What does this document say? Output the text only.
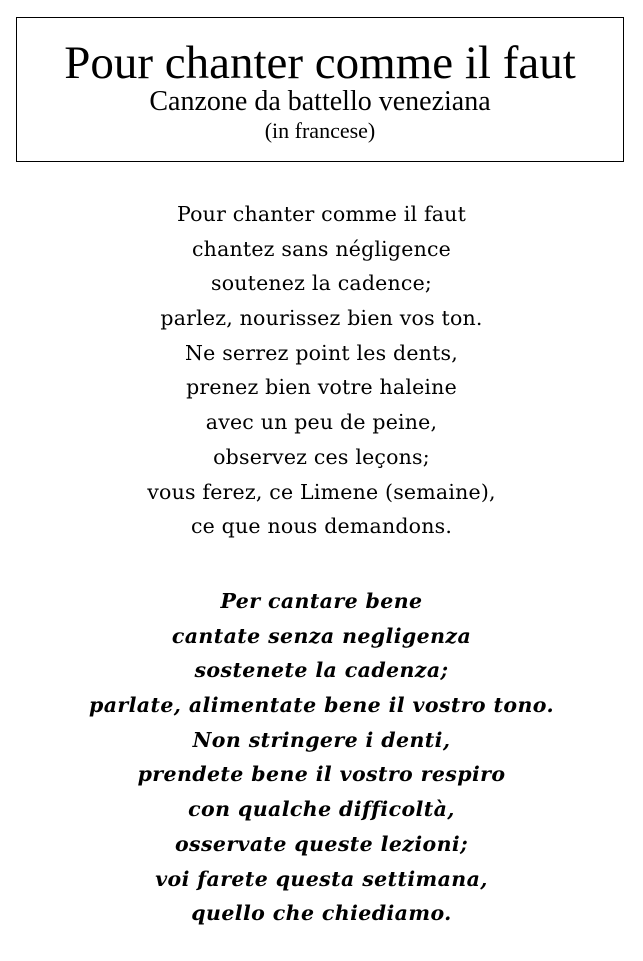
Pour chanter comme il faut
Canzone da battello veneziana
(in francese)
Pour chanter comme il faut
chantez sans négligence
soutenez la cadence;
parlez, nourissez bien vos ton.
Ne serrez point les dents,
prenez bien votre haleine
avec un peu de peine,
observez ces leçons;
vous ferez, ce Limene (semaine),
ce que nous demandons.
Per cantare bene
cantate senza negligenza
sostenete la cadenza;
parlate, alimentate bene il vostro tono.
Non stringere i denti,
prendete bene il vostro respiro
con qualche difficoltà,
osservate queste lezioni;
voi farete questa settimana,
quello che chiediamo.
